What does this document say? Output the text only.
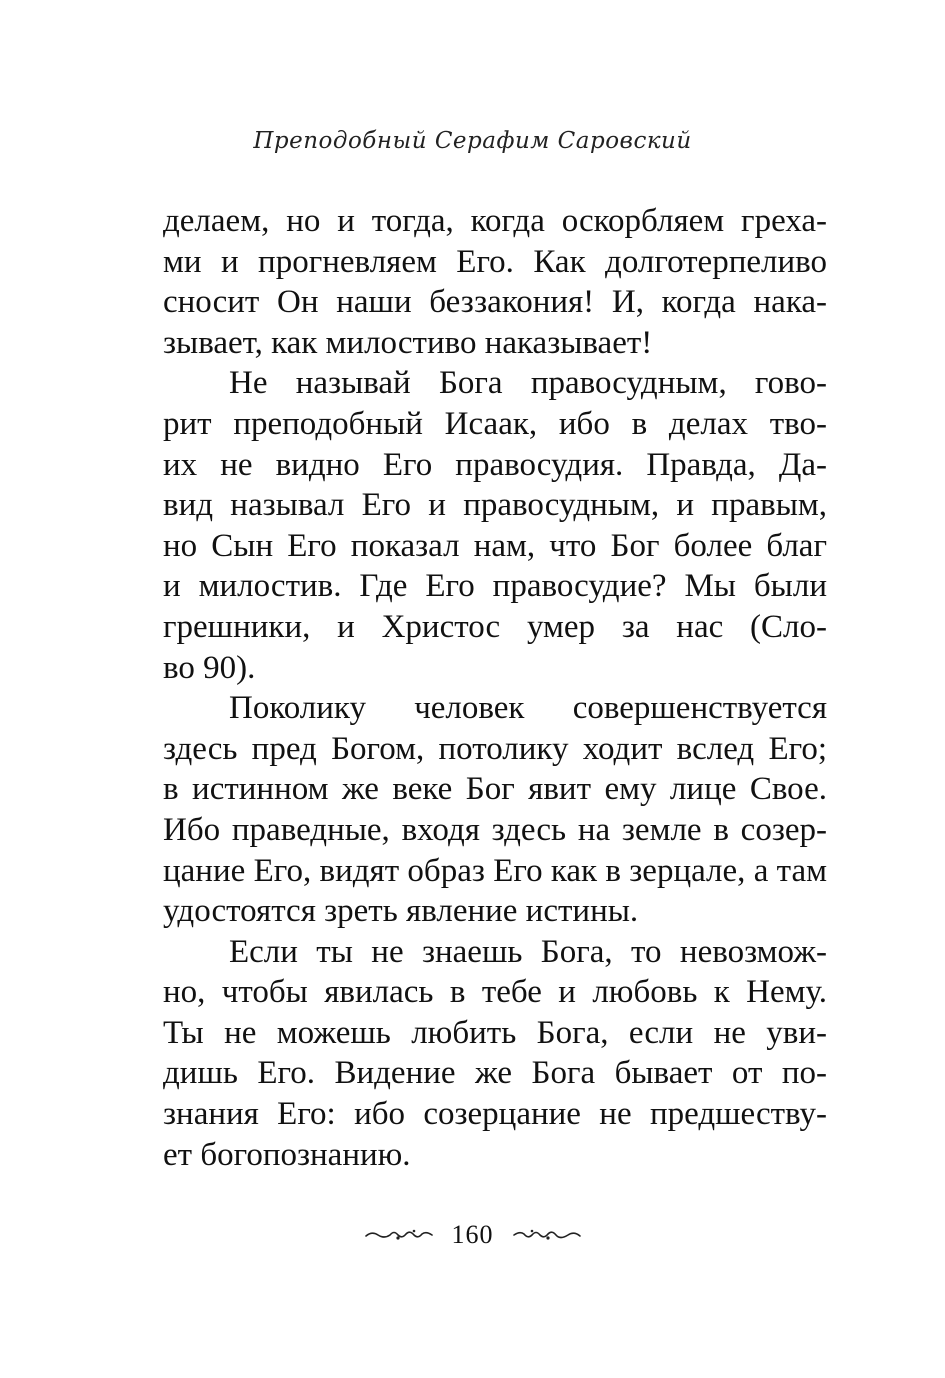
Преподобный Серафим Саровский
делаем, но и тогда, когда оскорбляем греха-
ми и прогневляем Его. Как долготерпеливо
сносит Он наши беззакония! И, когда нака-
зывает, как милостиво наказывает!
Не называй Бога правосудным, гово-
рит преподобный Исаак, ибо в делах тво-
их не видно Его правосудия. Правда, Да-
вид называл Его и правосудным, и правым,
но Сын Его показал нам, что Бог более благ
и милостив. Где Его правосудие? Мы были
грешники, и Христос умер за нас (Сло-
во 90).
Поколику человек совершенствуется
здесь пред Богом, потолику ходит вслед Его;
в истинном же веке Бог явит ему лице Свое.
Ибо праведные, входя здесь на земле в созер-
цание Его, видят образ Его как в зерцале, а там
удостоятся зреть явление истины.
Если ты не знаешь Бога, то невозмож-
но, чтобы явилась в тебе и любовь к Нему.
Ты не можешь любить Бога, если не уви-
дишь Его. Видение же Бога бывает от по-
знания Его: ибо созерцание не предшеству-
ет богопознанию.
160
